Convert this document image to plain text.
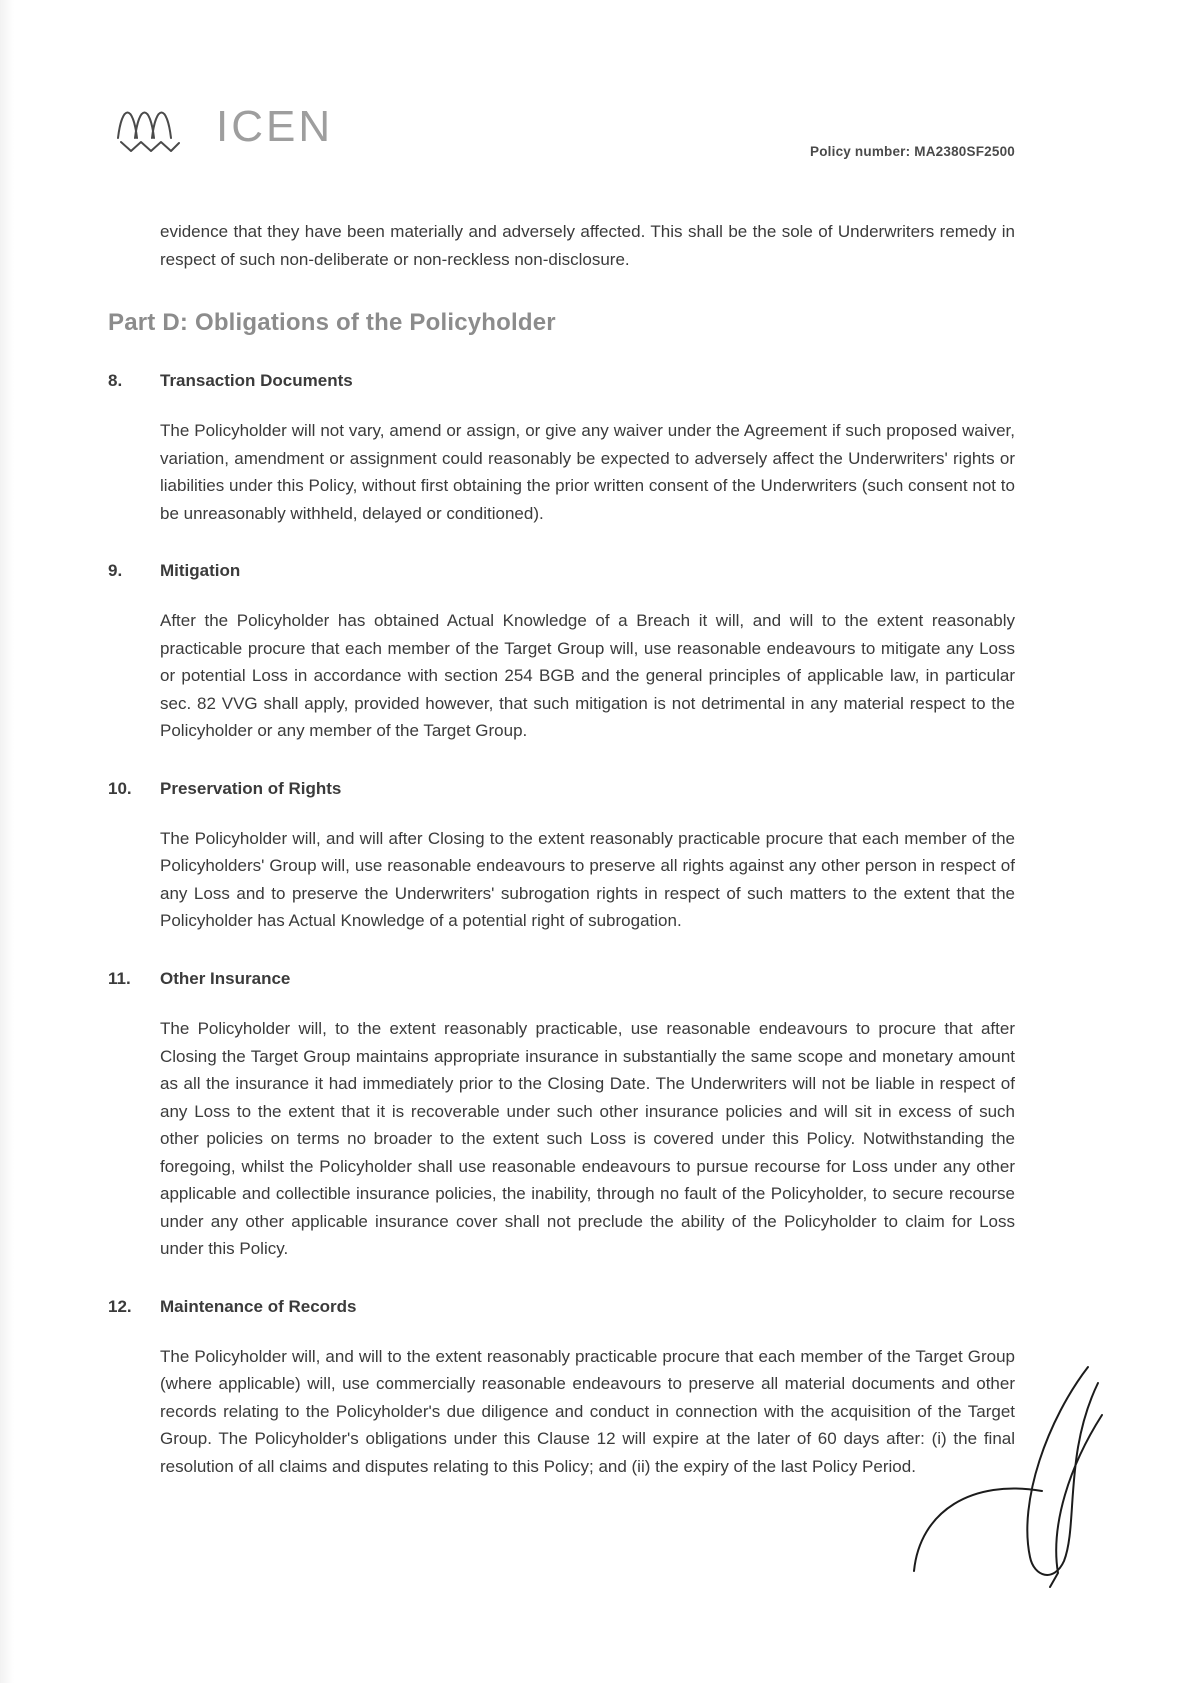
ICEN
Policy number: MA2380SF2500

evidence that they have been materially and adversely affected. This shall be the sole of Underwriters remedy in respect of such non-deliberate or non-reckless non-disclosure.

Part D: Obligations of the Policyholder
8.	Transaction Documents

The Policyholder will not vary, amend or assign, or give any waiver under the Agreement if such proposed waiver, variation, amendment or assignment could reasonably be expected to adversely affect the Underwriters' rights or liabilities under this Policy, without first obtaining the prior written consent of the Underwriters (such consent not to be unreasonably withheld, delayed or conditioned).

9.	Mitigation

After the Policyholder has obtained Actual Knowledge of a Breach it will, and will to the extent reasonably practicable procure that each member of the Target Group will, use reasonable endeavours to mitigate any Loss or potential Loss in accordance with section 254 BGB and the general principles of applicable law, in particular sec. 82 VVG shall apply, provided however, that such mitigation is not detrimental in any material respect to the Policyholder or any member of the Target Group.

10.	Preservation of Rights

The Policyholder will, and will after Closing to the extent reasonably practicable procure that each member of the Policyholders' Group will, use reasonable endeavours to preserve all rights against any other person in respect of any Loss and to preserve the Underwriters' subrogation rights in respect of such matters to the extent that the Policyholder has Actual Knowledge of a potential right of subrogation.

11.	Other Insurance

The Policyholder will, to the extent reasonably practicable, use reasonable endeavours to procure that after Closing the Target Group maintains appropriate insurance in substantially the same scope and monetary amount as all the insurance it had immediately prior to the Closing Date. The Underwriters will not be liable in respect of any Loss to the extent that it is recoverable under such other insurance policies and will sit in excess of such other policies on terms no broader to the extent such Loss is covered under this Policy. Notwithstanding the foregoing, whilst the Policyholder shall use reasonable endeavours to pursue recourse for Loss under any other applicable and collectible insurance policies, the inability, through no fault of the Policyholder, to secure recourse under any other applicable insurance cover shall not preclude the ability of the Policyholder to claim for Loss under this Policy.

12.	Maintenance of Records

The Policyholder will, and will to the extent reasonably practicable procure that each member of the Target Group (where applicable) will, use commercially reasonable endeavours to preserve all material documents and other records relating to the Policyholder's due diligence and conduct in connection with the acquisition of the Target Group. The Policyholder's obligations under this Clause 12 will expire at the later of 60 days after: (i) the final resolution of all claims and disputes relating to this Policy; and (ii) the expiry of the last Policy Period.
